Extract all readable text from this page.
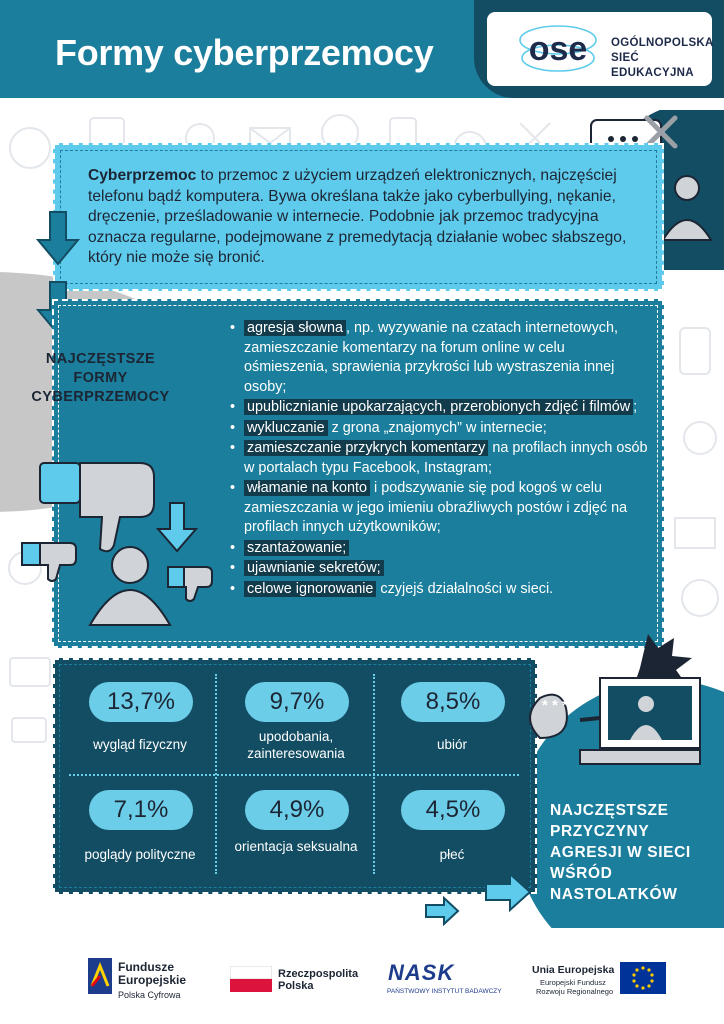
Formy cyberprzemocy	ose OGÓLNOPOLSKA
SIEĆ EDUKACYJNA

Cyberprzemoc to przemoc z użyciem urządzeń elektronicznych, najczęściej telefonu bądź komputera. Bywa określana także jako cyberbullying, nękanie, dręczenie, prześladowanie w internecie. Podobnie jak przemoc tradycyjna oznacza regularne, podejmowane z premedytacją działanie wobec słabszego, który nie może się bronić.

• agresja słowna , np. wyzywanie na czatach internetowych, zamieszczanie komentarzy na forum online w celu ośmieszenia, sprawienia przykrości lub wystraszenia innej osoby;
• upublicznianie upokarzających, przerobionych zdjęć i filmów ;
• wykluczanie z grona „znajomych” w internecie;
• zamieszczanie przykrych komentarzy na profilach innych osób w portalach typu Facebook, Instagram;
• włamanie na konto i podszywanie się pod kogoś w celu zamieszczania w jego imieniu obraźliwych postów i zdjęć na profilach innych użytkowników;
• szantażowanie;
• ujawnianie sekretów;
• celowe ignorowanie czyjejś działalności w sieci.
NAJCZĘSTSZE FORMY CYBERPRZEMOCY
13,7%
wygląd fizyczny
9,7%
upodobania, zainteresowania
8,5%
ubiór
7,1%
poglądy polityczne
4,9%
orientacja seksualna
4,5%
płeć
* * * *
NAJCZĘSTSZE PRZYCZYNY AGRESJI W SIECI WŚRÓD NASTOLATKÓW
Fundusze
Europejskie
Polska Cyfrowa
Rzeczpospolita
Polska
NASK
PAŃSTWOWY INSTYTUT BADAWCZY
Unia Europejska
Europejski Fundusz
Rozwoju Regionalnego
